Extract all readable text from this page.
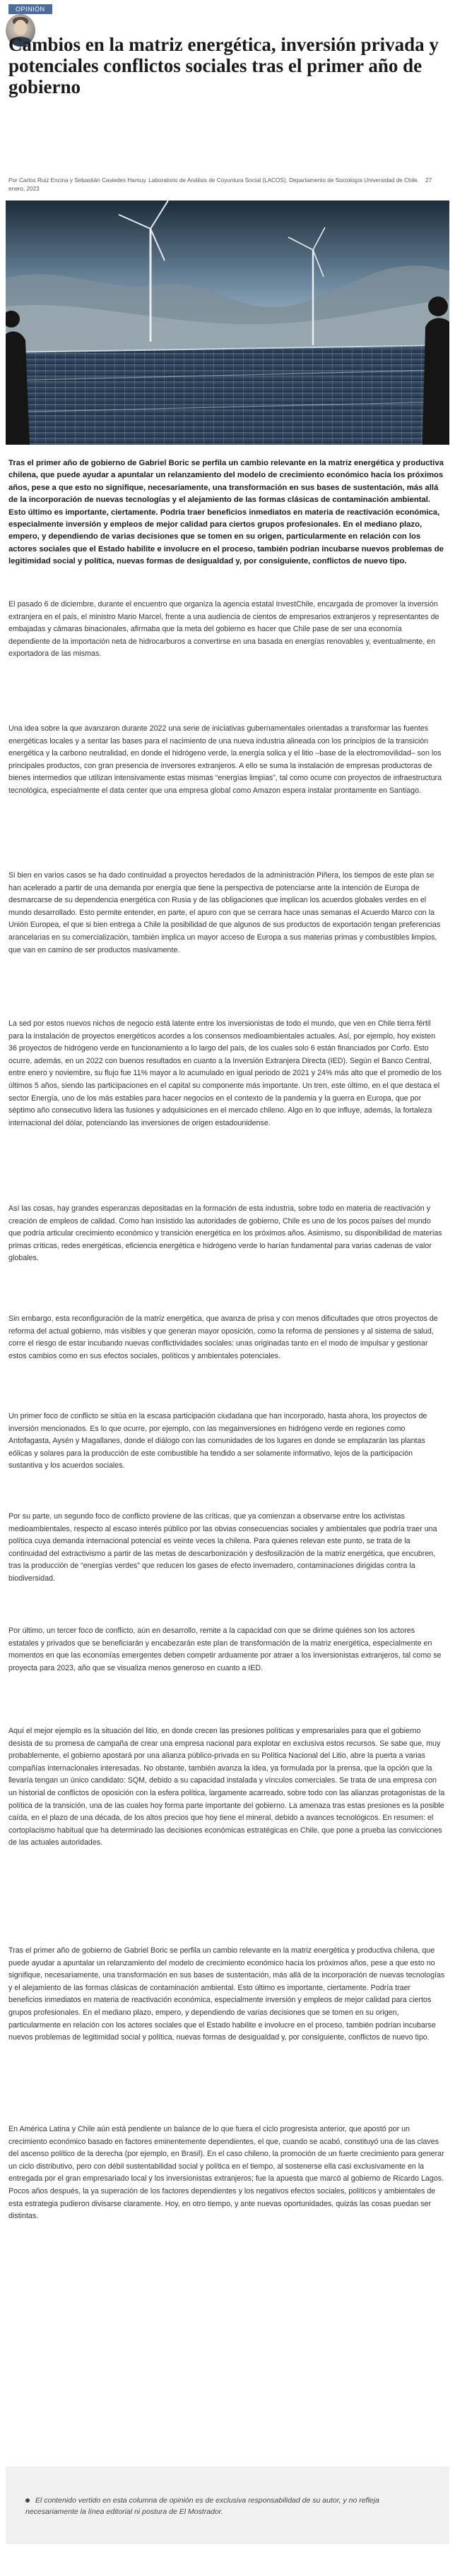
OPINIÓN
Cambios en la matriz energética, inversión privada y potenciales conflictos sociales tras el primer año de gobierno
Por Carlos Ruiz Encina y Sebastián Caviedes Hamuy. Laboratorio de Análisis de Coyuntura Social (LACOS), Departamento de Sociología Universidad de Chile. 27 enero, 2023
Tras el primer año de gobierno de Gabriel Boric se perfila un cambio relevante en la matriz energética y productiva chilena, que puede ayudar a apuntalar un relanzamiento del modelo de crecimiento económico hacia los próximos años, pese a que esto no signifique, necesariamente, una transformación en sus bases de sustentación, más allá de la incorporación de nuevas tecnologías y el alejamiento de las formas clásicas de contaminación ambiental. Esto último es importante, ciertamente. Podría traer beneficios inmediatos en materia de reactivación económica, especialmente inversión y empleos de mejor calidad para ciertos grupos profesionales. En el mediano plazo, empero, y dependiendo de varias decisiones que se tomen en su origen, particularmente en relación con los actores sociales que el Estado habilite e involucre en el proceso, también podrían incubarse nuevos problemas de legitimidad social y política, nuevas formas de desigualdad y, por consiguiente, conflictos de nuevo tipo.
El pasado 6 de diciembre, durante el encuentro que organiza la agencia estatal InvestChile, encargada de promover la inversión extranjera en el país, el ministro Mario Marcel, frente a una audiencia de cientos de empresarios extranjeros y representantes de embajadas y cámaras binacionales, afirmaba que la meta del gobierno es hacer que Chile pase de ser una economía dependiente de la importación neta de hidrocarburos a convertirse en una basada en energías renovables y, eventualmente, en exportadora de las mismas.
Una idea sobre la que avanzaron durante 2022 una serie de iniciativas gubernamentales orientadas a transformar las fuentes energéticas locales y a sentar las bases para el nacimiento de una nueva industria alineada con los principios de la transición energética y la carbono neutralidad, en donde el hidrógeno verde, la energía solica y el litio –base de la electromovilidad– son los principales productos, con gran presencia de inversores extranjeros. A ello se suma la instalación de empresas productoras de bienes intermedios que utilizan intensivamente estas mismas “energías limpias”, tal como ocurre con proyectos de infraestructura tecnológica, especialmente el data center que una empresa global como Amazon espera instalar prontamente en Santiago.
Si bien en varios casos se ha dado continuidad a proyectos heredados de la administración Piñera, los tiempos de este plan se han acelerado a partir de una demanda por energía que tiene la perspectiva de potenciarse ante la intención de Europa de desmarcarse de su dependencia energética con Rusia y de las obligaciones que implican los acuerdos globales verdes en el mundo desarrollado. Esto permite entender, en parte, el apuro con que se cerrara hace unas semanas el Acuerdo Marco con la Unión Europea, el que si bien entrega a Chile la posibilidad de que algunos de sus productos de exportación tengan preferencias arancelarias en su comercialización, también implica un mayor acceso de Europa a sus materias primas y combustibles limpios, que van en camino de ser productos masivamente.
La sed por estos nuevos nichos de negocio está latente entre los inversionistas de todo el mundo, que ven en Chile tierra fértil para la instalación de proyectos energéticos acordes a los consensos medioambientales actuales. Así, por ejemplo, hoy existen 36 proyectos de hidrógeno verde en funcionamiento a lo largo del país, de los cuales solo 6 están financiados por Corfo. Esto ocurre, además, en un 2022 con buenos resultados en cuanto a la Inversión Extranjera Directa (IED). Según el Banco Central, entre enero y noviembre, su flujo fue 11% mayor a lo acumulado en igual periodo de 2021 y 24% más alto que el promedio de los últimos 5 años, siendo las participaciones en el capital su componente más importante. Un tren, este último, en el que destaca el sector Energía, uno de los más estables para hacer negocios en el contexto de la pandemia y la guerra en Europa, que por séptimo año consecutivo lidera las fusiones y adquisiciones en el mercado chileno. Algo en lo que influye, además, la fortaleza internacional del dólar, potenciando las inversiones de origen estadounidense.
Así las cosas, hay grandes esperanzas depositadas en la formación de esta industria, sobre todo en materia de reactivación y creación de empleos de calidad. Como han insistido las autoridades de gobierno, Chile es uno de los pocos países del mundo que podría articular crecimiento económico y transición energética en los próximos años. Asimismo, su disponibilidad de materias primas críticas, redes energéticas, eficiencia energética e hidrógeno verde lo harían fundamental para varias cadenas de valor globales.
Sin embargo, esta reconfiguración de la matriz energética, que avanza de prisa y con menos dificultades que otros proyectos de reforma del actual gobierno, más visibles y que generan mayor oposición, como la reforma de pensiones y al sistema de salud, corre el riesgo de estar incubando nuevas conflictividades sociales: unas originadas tanto en el modo de impulsar y gestionar estos cambios como en sus efectos sociales, políticos y ambientales potenciales.
Un primer foco de conflicto se sitúa en la escasa participación ciudadana que han incorporado, hasta ahora, los proyectos de inversión mencionados. Es lo que ocurre, por ejemplo, con las megainversiones en hidrógeno verde en regiones como Antofagasta, Aysén y Magallanes, donde el diálogo con las comunidades de los lugares en donde se emplazarán las plantas eólicas y solares para la producción de este combustible ha tendido a ser solamente informativo, lejos de la participación sustantiva y los acuerdos sociales.
Por su parte, un segundo foco de conflicto proviene de las críticas, que ya comienzan a observarse entre los activistas medioambientales, respecto al escaso interés público por las obvias consecuencias sociales y ambientales que podría traer una política cuya demanda internacional potencial es veinte veces la chilena. Para quienes relevan este punto, se trata de la continuidad del extractivismo a partir de las metas de descarbonización y desfosilización de la matriz energética, que encubren, tras la producción de “energías verdes” que reducen los gases de efecto invernadero, contaminaciones dirigidas contra la biodiversidad.
Por último, un tercer foco de conflicto, aún en desarrollo, remite a la capacidad con que se dirime quiénes son los actores estatales y privados que se beneficiarán y encabezarán este plan de transformación de la matriz energética, especialmente en momentos en que las economías emergentes deben competir arduamente por atraer a los inversionistas extranjeros, tal como se proyecta para 2023, año que se visualiza menos generoso en cuanto a IED.
Aquí el mejor ejemplo es la situación del litio, en donde crecen las presiones políticas y empresariales para que el gobierno desista de su promesa de campaña de crear una empresa nacional para explotar en exclusiva estos recursos. Se sabe que, muy probablemente, el gobierno apostará por una alianza público-privada en su Política Nacional del Litio, abre la puerta a varias compañías internacionales interesadas. No obstante, también avanza la idea, ya formulada por la prensa, que la opción que la llevaría tengan un único candidato: SQM, debido a su capacidad instalada y vínculos comerciales. Se trata de una empresa con un historial de conflictos de oposición con la esfera política, largamente acarreado, sobre todo con las alianzas protagonistas de la política de la transición, una de las cuales hoy forma parte importante del gobierno. La amenaza tras estas presiones es la posible caída, en el plazo de una década, de los altos precios que hoy tiene el mineral, debido a avances tecnológicos. En resumen: el cortoplacismo habitual que ha determinado las decisiones económicas estratégicas en Chile, que pone a prueba las convicciones de las actuales autoridades.
Tras el primer año de gobierno de Gabriel Boric se perfila un cambio relevante en la matriz energética y productiva chilena, que puede ayudar a apuntalar un relanzamiento del modelo de crecimiento económico hacia los próximos años, pese a que esto no signifique, necesariamente, una transformación en sus bases de sustentación, más allá de la incorporación de nuevas tecnologías y el alejamiento de las formas clásicas de contaminación ambiental. Esto último es importante, ciertamente. Podría traer beneficios inmediatos en materia de reactivación económica, especialmente inversión y empleos de mejor calidad para ciertos grupos profesionales. En el mediano plazo, empero, y dependiendo de varias decisiones que se tomen en su origen, particularmente en relación con los actores sociales que el Estado habilite e involucre en el proceso, también podrían incubarse nuevos problemas de legitimidad social y política, nuevas formas de desigualdad y, por consiguiente, conflictos de nuevo tipo.
En América Latina y Chile aún está pendiente un balance de lo que fuera el ciclo progresista anterior, que apostó por un crecimiento económico basado en factores eminentemente dependientes, el que, cuando se acabó, constituyó una de las claves del ascenso político de la derecha (por ejemplo, en Brasil). En el caso chileno, la promoción de un fuerte crecimiento para generar un ciclo distributivo, pero con débil sustentabilidad social y política en el tiempo, al sostenerse ella casi exclusivamente en la entregada por el gran empresariado local y los inversionistas extranjeros; fue la apuesta que marcó al gobierno de Ricardo Lagos. Pocos años después, la ya superación de los factores dependientes y los negativos efectos sociales, políticos y ambientales de esta estrategia pudieron divisarse claramente. Hoy, en otro tiempo, y ante nuevas oportunidades, quizás las cosas puedan ser distintas.
El contenido vertido en esta columna de opinión es de exclusiva responsabilidad de su autor, y no refleja necesariamente la línea editorial ni postura de El Mostrador.
